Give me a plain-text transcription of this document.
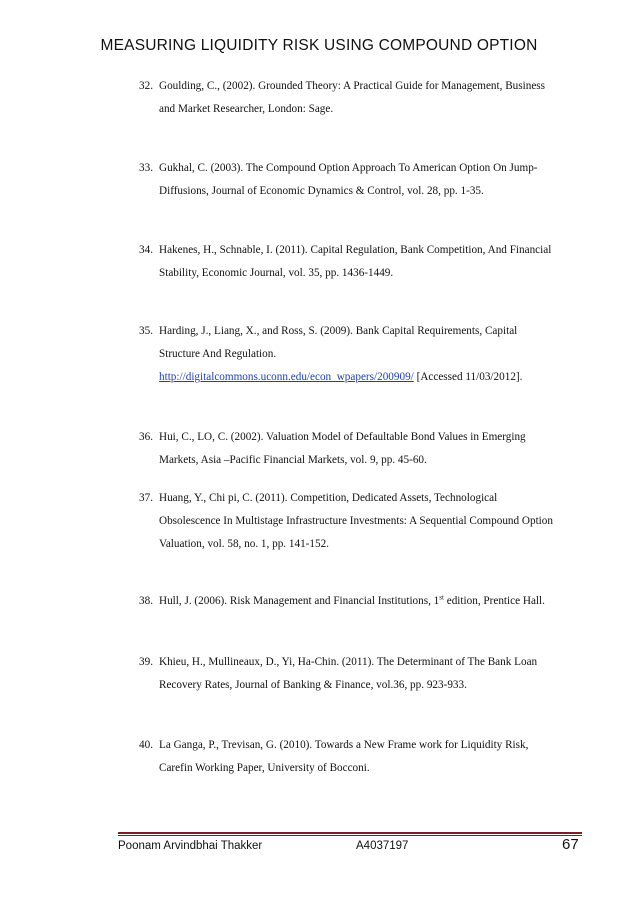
MEASURING LIQUIDITY RISK USING COMPOUND OPTION
32. Goulding, C., (2002). Grounded Theory: A Practical Guide for Management, Business
and Market Researcher, London: Sage.
33. Gukhal, C. (2003). The Compound Option Approach To American Option On Jump-
Diffusions, Journal of Economic Dynamics & Control, vol. 28, pp. 1-35.
34. Hakenes, H., Schnable, I. (2011). Capital Regulation, Bank Competition, And Financial
Stability, Economic Journal, vol. 35, pp. 1436-1449.
35. Harding, J., Liang, X., and Ross, S. (2009). Bank Capital Requirements, Capital
Structure And Regulation.
http://digitalcommons.uconn.edu/econ_wpapers/200909/ [Accessed 11/03/2012].
36. Hui, C., LO, C. (2002). Valuation Model of Defaultable Bond Values in Emerging
Markets, Asia –Pacific Financial Markets, vol. 9, pp. 45-60.
37. Huang, Y., Chi pi, C. (2011). Competition, Dedicated Assets, Technological
Obsolescence In Multistage Infrastructure Investments: A Sequential Compound Option
Valuation, vol. 58, no. 1, pp. 141-152.
38. Hull, J. (2006). Risk Management and Financial Institutions, 1st edition, Prentice Hall.
39. Khieu, H., Mullineaux, D., Yi, Ha-Chin. (2011). The Determinant of The Bank Loan
Recovery Rates, Journal of Banking & Finance, vol.36, pp. 923-933.
40. La Ganga, P., Trevisan, G. (2010). Towards a New Frame work for Liquidity Risk,
Carefin Working Paper, University of Bocconi.
Poonam Arvindbhai Thakker	A4037197	67
